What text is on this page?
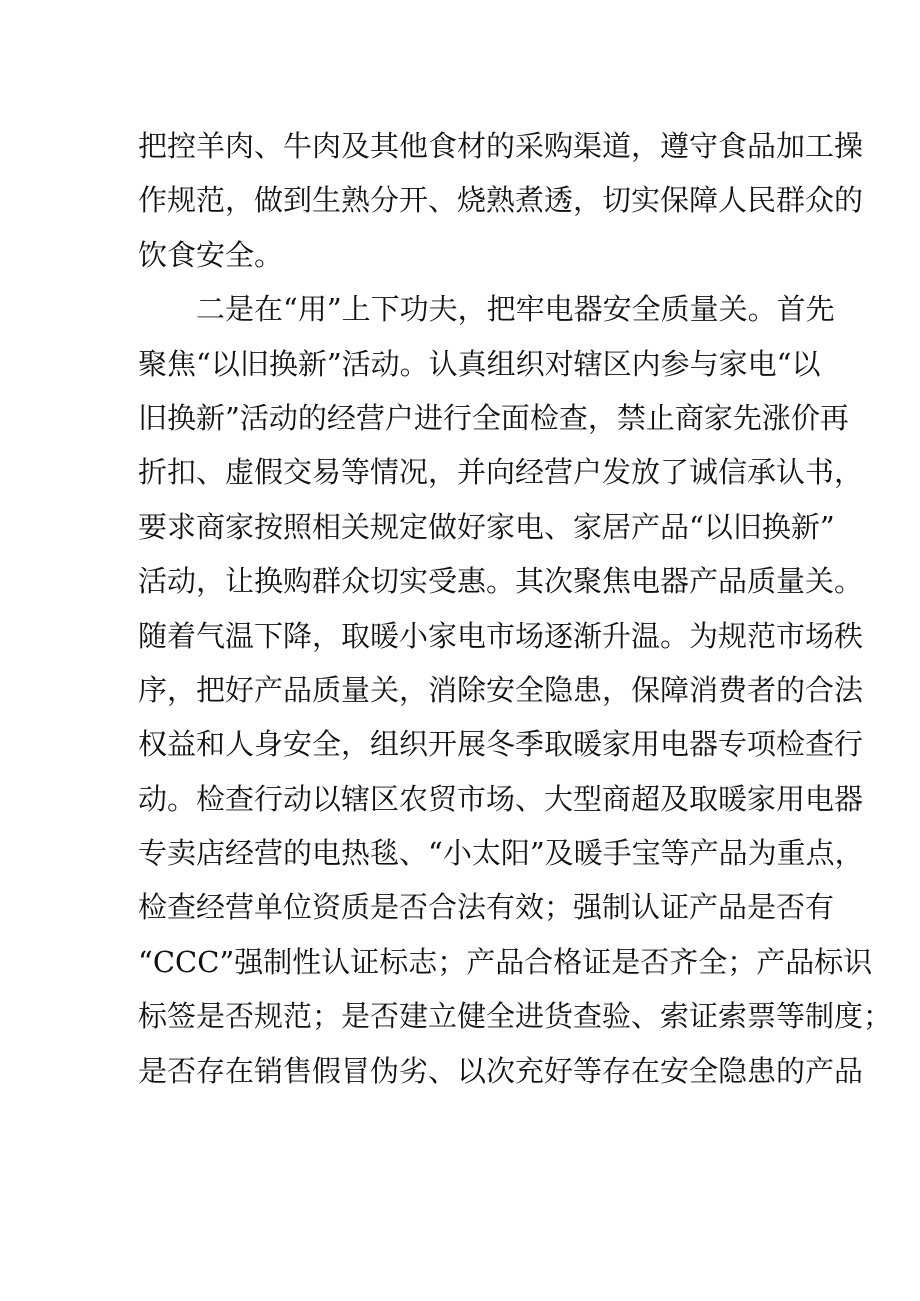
把控羊肉、牛肉及其他食材的采购渠道，遵守食品加工操
作规范，做到生熟分开、烧熟煮透，切实保障人民群众的
饮食安全。
二是在“用”上下功夫，把牢电器安全质量关。首先
聚焦“以旧换新”活动。认真组织对辖区内参与家电“以
旧换新”活动的经营户进行全面检查，禁止商家先涨价再
折扣、虚假交易等情况，并向经营户发放了诚信承认书，
要求商家按照相关规定做好家电、家居产品“以旧换新”
活动，让换购群众切实受惠。其次聚焦电器产品质量关。
随着气温下降，取暖小家电市场逐渐升温。为规范市场秩
序，把好产品质量关，消除安全隐患，保障消费者的合法
权益和人身安全，组织开展冬季取暖家用电器专项检查行
动。检查行动以辖区农贸市场、大型商超及取暖家用电器
专卖店经营的电热毯、“小太阳”及暖手宝等产品为重点，
检查经营单位资质是否合法有效；强制认证产品是否有
“CCC”强制性认证标志；产品合格证是否齐全；产品标识
标签是否规范；是否建立健全进货查验、索证索票等制度；
是否存在销售假冒伪劣、以次充好等存在安全隐患的产品
